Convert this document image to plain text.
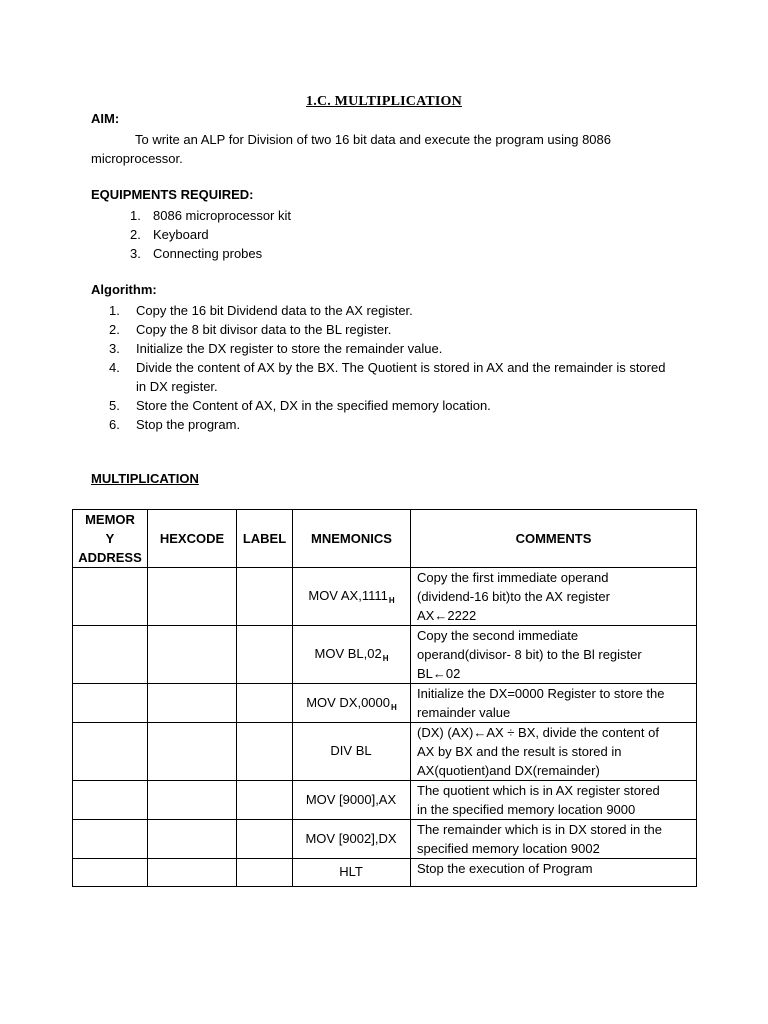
1.C. MULTIPLICATION
AIM:
To write an ALP for Division of two 16 bit data and execute the program using 8086
microprocessor.
EQUIPMENTS REQUIRED:
1. 8086 microprocessor kit
2. Keyboard
3. Connecting probes
Algorithm:
1.	Copy the 16 bit Dividend data to the AX register.
2.	Copy the 8 bit divisor data to the BL register.
3.	Initialize the DX register to store the remainder value.
4.	Divide the content of AX by the BX. The Quotient is stored in AX and the remainder is stored in DX register.
5.	Store the Content of AX, DX in the specified memory location.
6.	Stop the program.
MULTIPLICATION
MEMOR
Y
ADDRESS	HEXCODE	LABEL	MNEMONICS	COMMENTS
			MOV $AX,1111_H$	Copy the first immediate operand
(dividend-16 bit)to the AX register
AX←2222

			MOV $BL,02_H$	Copy the second immediate
operand(divisor- 8 bit) to the Bl register
BL←02

			MOV $DX,0000_H$	Initialize the DX=0000 Register to store the
remainder value

			DIV BL	(DX) (AX)←AX ÷ BX, divide the content of
AX by BX and the result is stored in
AX(quotient)and DX(remainder)

			MOV [9000],AX	The quotient which is in AX register stored
in the specified memory location 9000

			MOV [9002],DX	The remainder which is in DX stored in the
specified memory location 9002

			HLT	Stop the execution of Program
